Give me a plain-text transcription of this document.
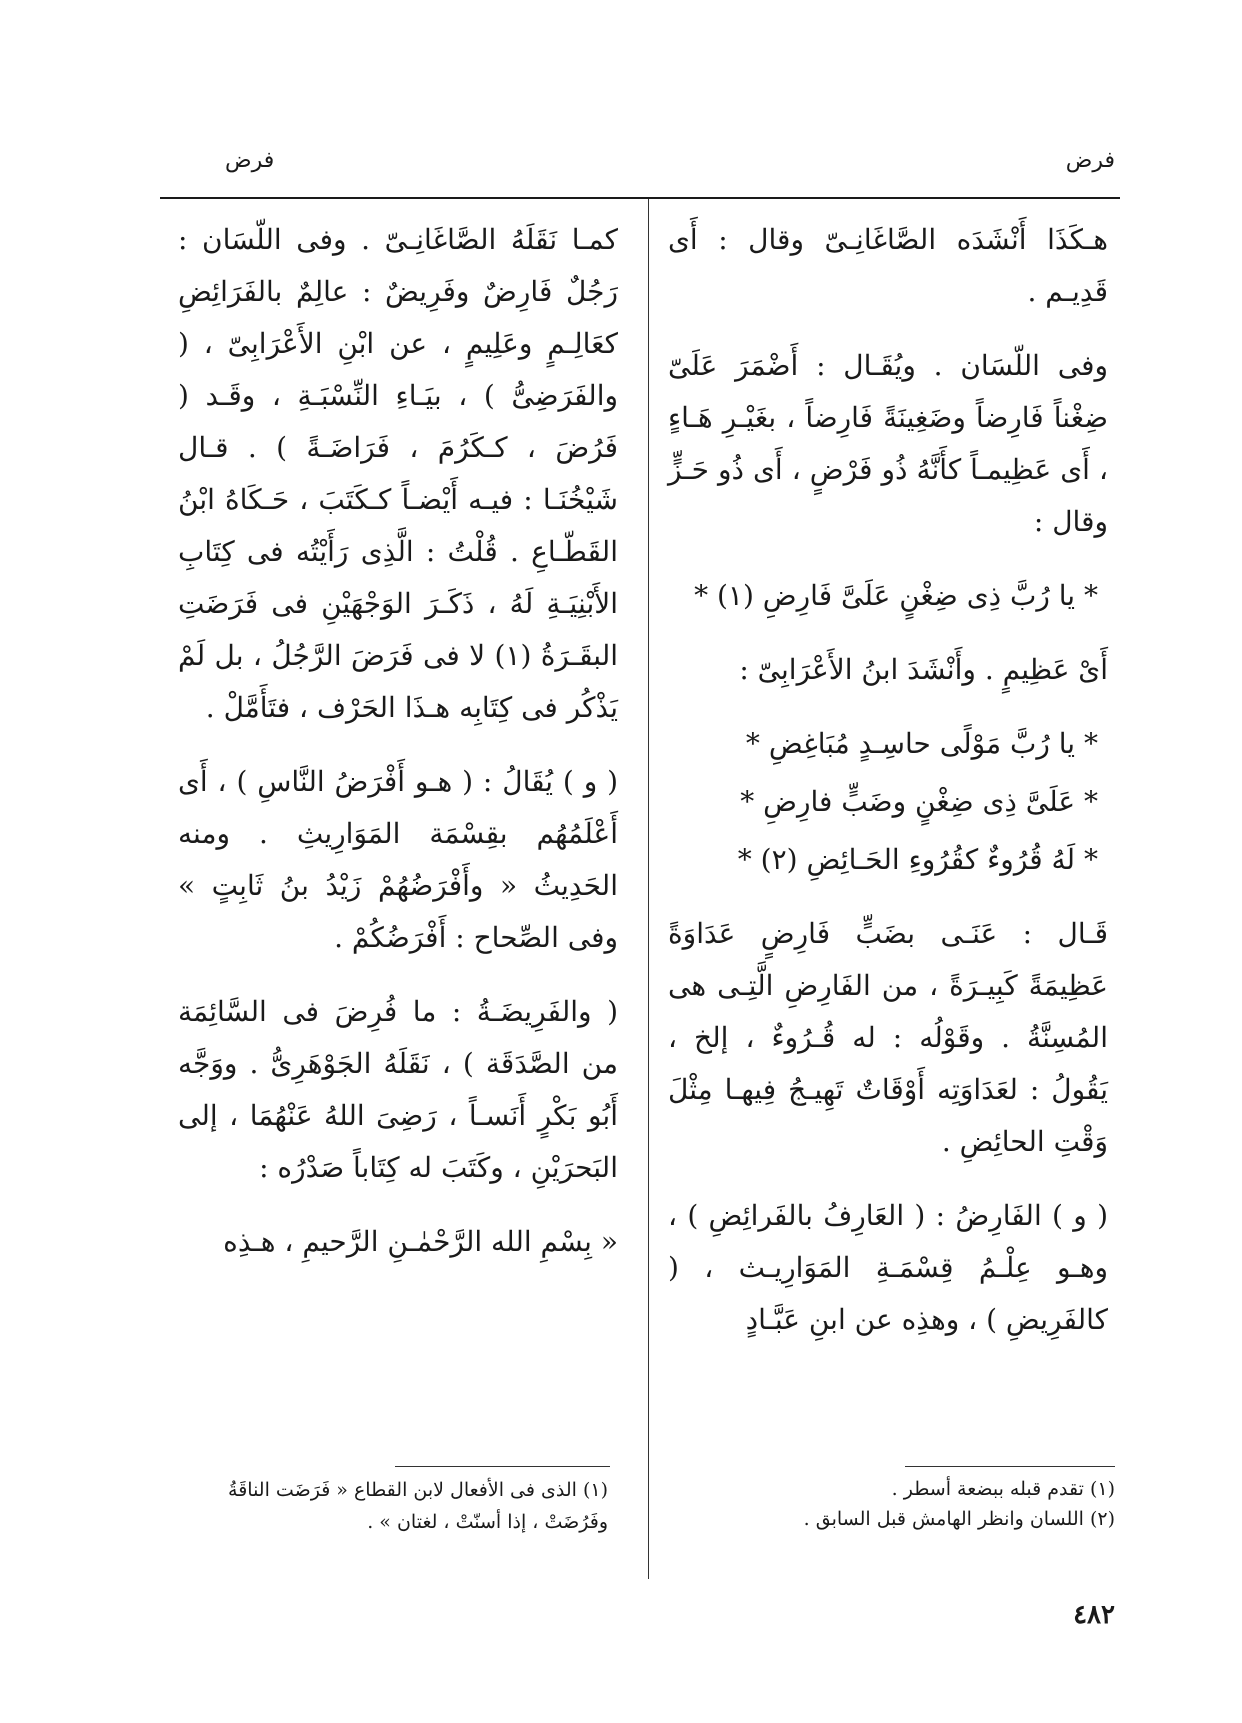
فرض
فرض

هـكَذَا أَنْشَدَه الصَّاغَانِـىّ وقال : أَى قَدِيـم .

وفى اللّسَان . ويُقَـال : أَضْمَرَ عَلَىّ ضِغْناً فَارِضاً وضَغِينَةً فَارِضاً ، بغَيْـرِ هَـاءٍ ، أَى عَظِيمـاً كأَنَّهُ ذُو فَرْضٍ ، أَى ذُو حَـزٍّ وقال :

* يا رُبَّ ذِى ضِغْنٍ عَلَىَّ فَارِضِ (١) *

أَىْ عَظِيمٍ . وأَنْشَدَ ابنُ الأَعْرَابِىّ :

* يا رُبَّ مَوْلًى حاسِـدٍ مُبَاغِضِ *

* عَلَىَّ ذِى ضِغْنٍ وضَبٍّ فارِضِ *

* لَهُ قُرُوءٌ كقُرُوءِ الحَـائِضِ (٢) *

قَـال : عَنَـى بضَبٍّ فَارِضٍ عَدَاوَةً عَظِيمَةً كَبِيـرَةً ، من الفَارِضِ الَّتِـى هى المُسِنَّةُ . وقَوْلُه : له قُـرُوءٌ ، إلخ ، يَقُولُ : لعَدَاوَتِه أَوْقَاتٌ تَهِيـجُ فِيهـا مِثْلَ وَقْتِ الحائِضِ .

( و ) الفَارِضُ : ( العَارِفُ بالفَرائِضِ ) ، وهـو عِلْـمُ قِسْمَـةِ المَوَارِيـث ، ( كالفَرِيضِ ) ، وهذِه عن ابنِ عَبَّـادٍ

كمـا نَقَلَهُ الصَّاغَانِـىّ . وفى اللّسَان : رَجُلٌ فَارِضٌ وفَرِيضٌ : عالِمٌ بالفَرَائِضِ كعَالِـمٍ وعَلِيمٍ ، عن ابْنِ الأَعْرَابِىّ ، ( والفَرَضِىُّ ) ، بيَـاءِ النِّسْبَـةِ ، وقَـد ( فَرُضَ ، كـكَرُمَ ، فَرَاضَـةً ) . قـال شَيْخُنَـا : فيـه أَيْضـاً كـكَتَبَ ، حَـكَاهُ ابْنُ القَطّـاعِ . قُلْتُ : الَّذِى رَأَيْتُه فى كِتَابِ الأَبْنِيَـةِ لَهُ ، ذَكَـرَ الوَجْهَيْنِ فى فَرَضَتِ البقَـرَةُ (١) لا فى فَرَضَ الرَّجُلُ ، بل لَمْ يَذْكُر فى كِتَابِه هـذَا الحَرْف ، فتَأَمَّلْ .

( و ) يُقَالُ : ( هـو أَفْرَضُ النَّاسِ ) ، أَى أَعْلَمُهُم بقِسْمَة المَوَارِيثِ . ومنه الحَدِيثُ « وأَفْرَضُهُمْ زَيْدُ بنُ ثَابِتٍ » وفى الصِّحاح : أَفْرَضُكُمْ .

( والفَرِيضَـةُ : ما فُرِضَ فى السَّائِمَة من الصَّدَقَة ) ، نَقَلَهُ الجَوْهَرِىُّ . ووَجَّه أَبُو بَكْرٍ أَنَسـاً ، رَضِىَ اللهُ عَنْهُمَا ، إلى البَحرَيْنِ ، وكَتَبَ له كِتَاباً صَدْرُه :

« بِسْمِ الله الرَّحْمٰـنِ الرَّحيمِ ، هـذِه

(١) تقدم قبله ببضعة أسطر .
(٢) اللسان وانظر الهامش قبل السابق .
(١) الذى فى الأفعال لابن القطاع « فَرَضَت الناقَةُ وفَرُضَتْ ، إذا أسنّتْ ، لغتان » .
٤٨٢
